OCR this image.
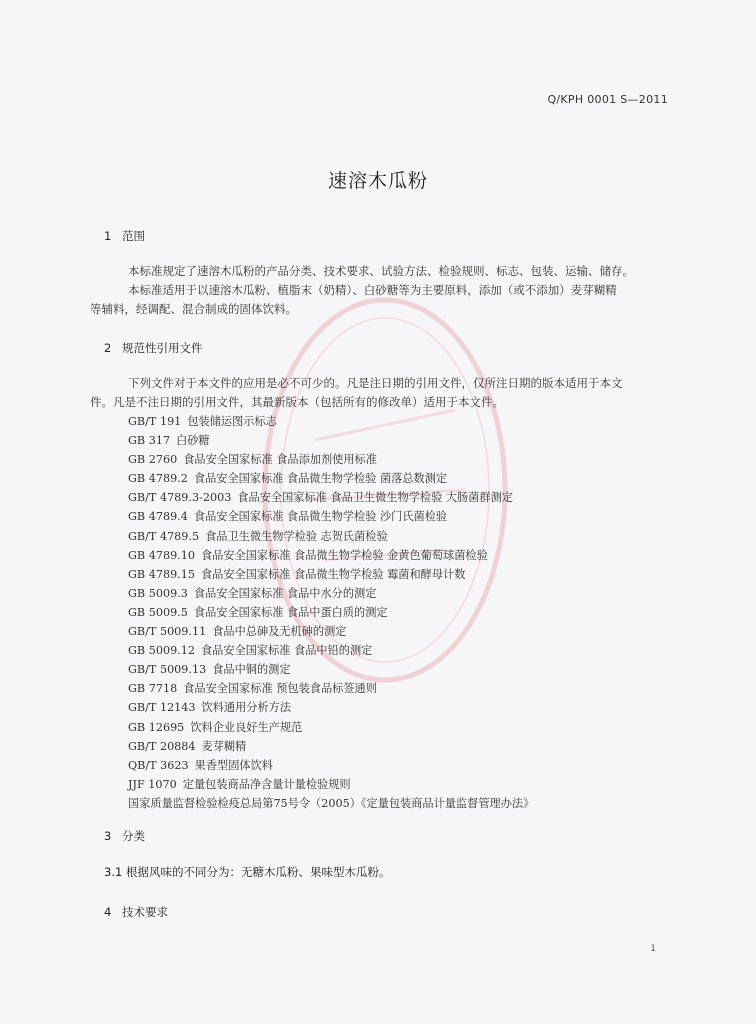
Q/KPH 0001 S—2011
速溶木瓜粉
1 范围

本标准规定了速溶木瓜粉的产品分类、技术要求、试验方法、检验规则、标志、包装、运输、储存。

本标准适用于以速溶木瓜粉、植脂末（奶精）、白砂糖等为主要原料，添加（或不添加）麦芽糊精

等辅料，经调配、混合制成的固体饮料。

2 规范性引用文件

下列文件对于本文件的应用是必不可少的。凡是注日期的引用文件，仅所注日期的版本适用于本文

件。凡是不注日期的引用文件，其最新版本（包括所有的修改单）适用于本文件。

GB/T 191 包装储运图示标志
GB 317 白砂糖
GB 2760 食品安全国家标准 食品添加剂使用标准
GB 4789.2 食品安全国家标准 食品微生物学检验 菌落总数测定
GB/T 4789.3-2003 食品安全国家标准 食品卫生微生物学检验 大肠菌群测定
GB 4789.4 食品安全国家标准 食品微生物学检验 沙门氏菌检验
GB/T 4789.5 食品卫生微生物学检验 志贺氏菌检验
GB 4789.10 食品安全国家标准 食品微生物学检验 金黄色葡萄球菌检验
GB 4789.15 食品安全国家标准 食品微生物学检验 霉菌和酵母计数
GB 5009.3 食品安全国家标准 食品中水分的测定
GB 5009.5 食品安全国家标准 食品中蛋白质的测定
GB/T 5009.11 食品中总砷及无机砷的测定
GB 5009.12 食品安全国家标准 食品中铅的测定
GB/T 5009.13 食品中铜的测定
GB 7718 食品安全国家标准 预包装食品标签通则
GB/T 12143 饮料通用分析方法
GB 12695 饮料企业良好生产规范
GB/T 20884 麦芽糊精
QB/T 3623 果香型固体饮料
JJF 1070 定量包装商品净含量计量检验规则
国家质量监督检验检疫总局第75号令（2005）《定量包装商品计量监督管理办法》
3 分类
3.1 根据风味的不同分为：无糖木瓜粉、果味型木瓜粉。
4 技术要求
1
